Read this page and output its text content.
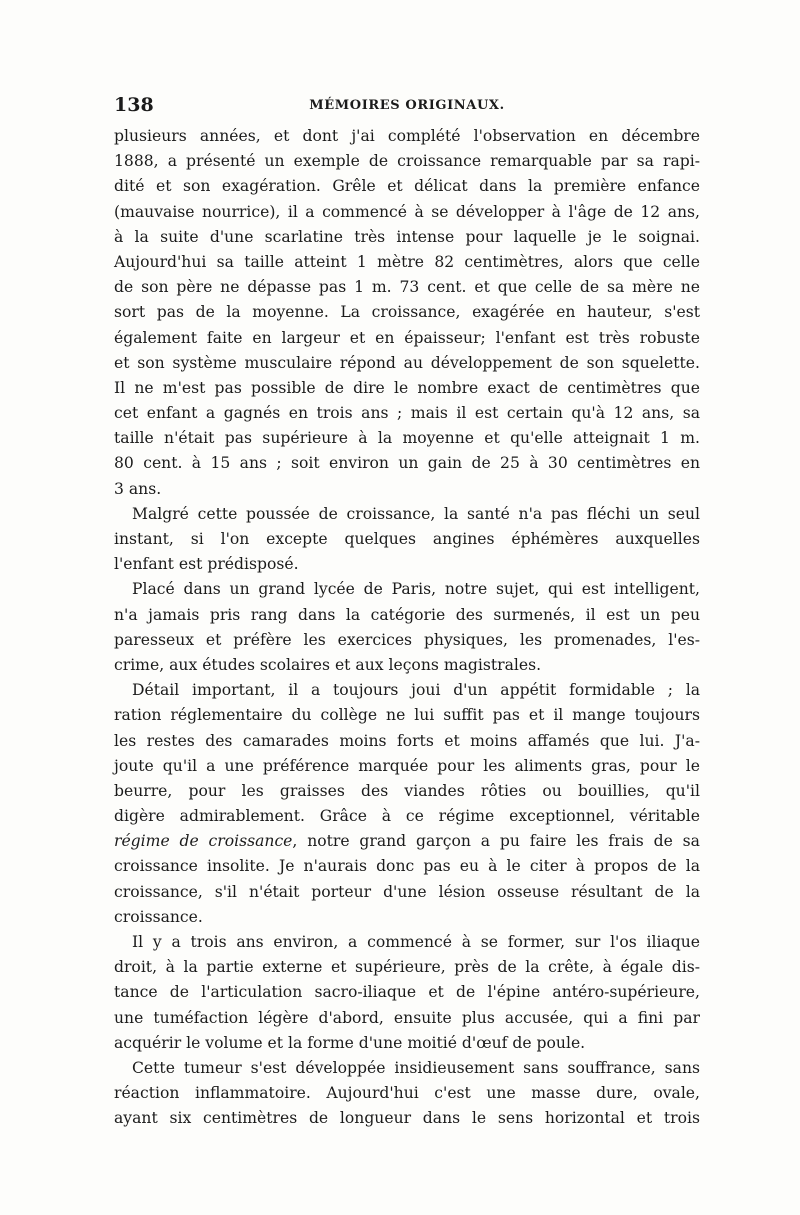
138	MÉMOIRES ORIGINAUX.
plusieurs années, et dont j'ai complété l'observation en décembre
1888, a présenté un exemple de croissance remarquable par sa rapi-
dité et son exagération. Grêle et délicat dans la première enfance
(mauvaise nourrice), il a commencé à se développer à l'âge de 12 ans,
à la suite d'une scarlatine très intense pour laquelle je le soignai.
Aujourd'hui sa taille atteint 1 mètre 82 centimètres, alors que celle
de son père ne dépasse pas 1 m. 73 cent. et que celle de sa mère ne
sort pas de la moyenne. La croissance, exagérée en hauteur, s'est
également faite en largeur et en épaisseur; l'enfant est très robuste
et son système musculaire répond au développement de son squelette.
Il ne m'est pas possible de dire le nombre exact de centimètres que
cet enfant a gagnés en trois ans ; mais il est certain qu'à 12 ans, sa
taille n'était pas supérieure à la moyenne et qu'elle atteignait 1 m.
80 cent. à 15 ans ; soit environ un gain de 25 à 30 centimètres en
3 ans.
Malgré cette poussée de croissance, la santé n'a pas fléchi un seul
instant, si l'on excepte quelques angines éphémères auxquelles
l'enfant est prédisposé.
Placé dans un grand lycée de Paris, notre sujet, qui est intelligent,
n'a jamais pris rang dans la catégorie des surmenés, il est un peu
paresseux et préfère les exercices physiques, les promenades, l'es-
crime, aux études scolaires et aux leçons magistrales.
Détail important, il a toujours joui d'un appétit formidable ; la
ration réglementaire du collège ne lui suffit pas et il mange toujours
les restes des camarades moins forts et moins affamés que lui. J'a-
joute qu'il a une préférence marquée pour les aliments gras, pour le
beurre, pour les graisses des viandes rôties ou bouillies, qu'il
digère admirablement. Grâce à ce régime exceptionnel, véritable
régime de croissance, notre grand garçon a pu faire les frais de sa
croissance insolite. Je n'aurais donc pas eu à le citer à propos de la
croissance, s'il n'était porteur d'une lésion osseuse résultant de la
croissance.
Il y a trois ans environ, a commencé à se former, sur l'os iliaque
droit, à la partie externe et supérieure, près de la crête, à égale dis-
tance de l'articulation sacro-iliaque et de l'épine antéro-supérieure,
une tuméfaction légère d'abord, ensuite plus accusée, qui a fini par
acquérir le volume et la forme d'une moitié d'œuf de poule.
Cette tumeur s'est développée insidieusement sans souffrance, sans
réaction inflammatoire. Aujourd'hui c'est une masse dure, ovale,
ayant six centimètres de longueur dans le sens horizontal et trois
